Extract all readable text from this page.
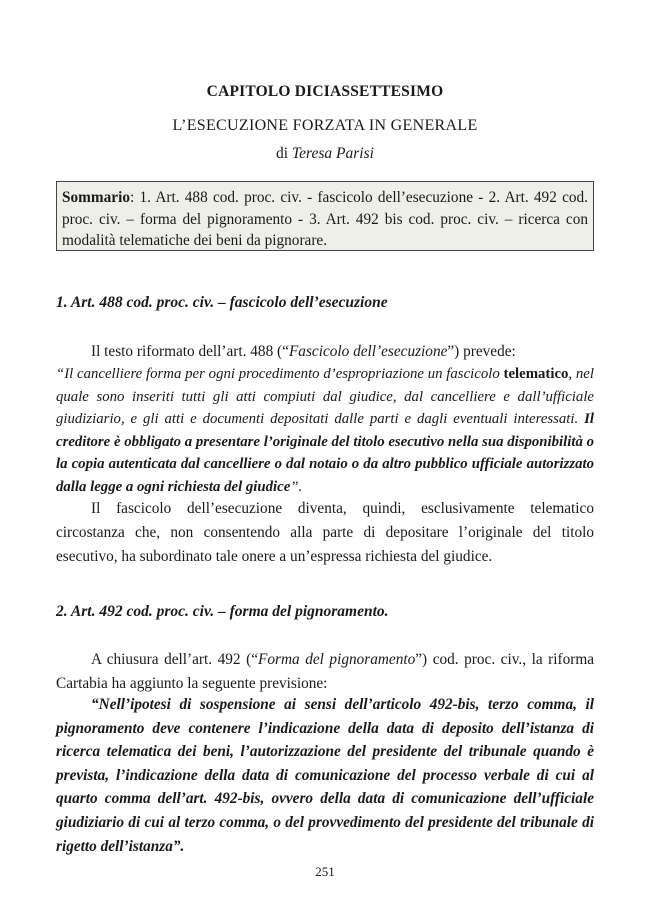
CAPITOLO DICIASSETTESIMO
L’ESECUZIONE FORZATA IN GENERALE
di Teresa Parisi
Sommario: 1. Art. 488 cod. proc. civ. - fascicolo dell’esecuzione - 2. Art. 492 cod. proc. civ. – forma del pignoramento - 3. Art. 492 bis cod. proc. civ. – ricerca con modalità telematiche dei beni da pignorare.
1. Art. 488 cod. proc. civ. – fascicolo dell’esecuzione
Il testo riformato dell’art. 488 (“Fascicolo dell’esecuzione”) prevede:
“Il cancelliere forma per ogni procedimento d’espropriazione un fascicolo telematico, nel quale sono inseriti tutti gli atti compiuti dal giudice, dal cancelliere e dall’ufficiale giudiziario, e gli atti e documenti depositati dalle parti e dagli eventuali interessati. Il creditore è obbligato a presentare l’originale del titolo esecutivo nella sua disponibilità o la copia autenticata dal cancelliere o dal notaio o da altro pubblico ufficiale autorizzato dalla legge a ogni richiesta del giudice”.
Il fascicolo dell’esecuzione diventa, quindi, esclusivamente telematico circostanza che, non consentendo alla parte di depositare l’originale del titolo esecutivo, ha subordinato tale onere a un’espressa richiesta del giudice.
2. Art. 492 cod. proc. civ. – forma del pignoramento.
A chiusura dell’art. 492 (“Forma del pignoramento”) cod. proc. civ., la riforma Cartabia ha aggiunto la seguente previsione:
“Nell’ipotesi di sospensione ai sensi dell’articolo 492-bis, terzo comma, il pignoramento deve contenere l’indicazione della data di deposito dell’istanza di ricerca telematica dei beni, l’autorizzazione del presidente del tribunale quando è prevista, l’indicazione della data di comunicazione del processo verbale di cui al quarto comma dell’art. 492-bis, ovvero della data di comunicazione dell’ufficiale giudiziario di cui al terzo comma, o del provvedimento del presidente del tribunale di rigetto dell’istanza”.
251
